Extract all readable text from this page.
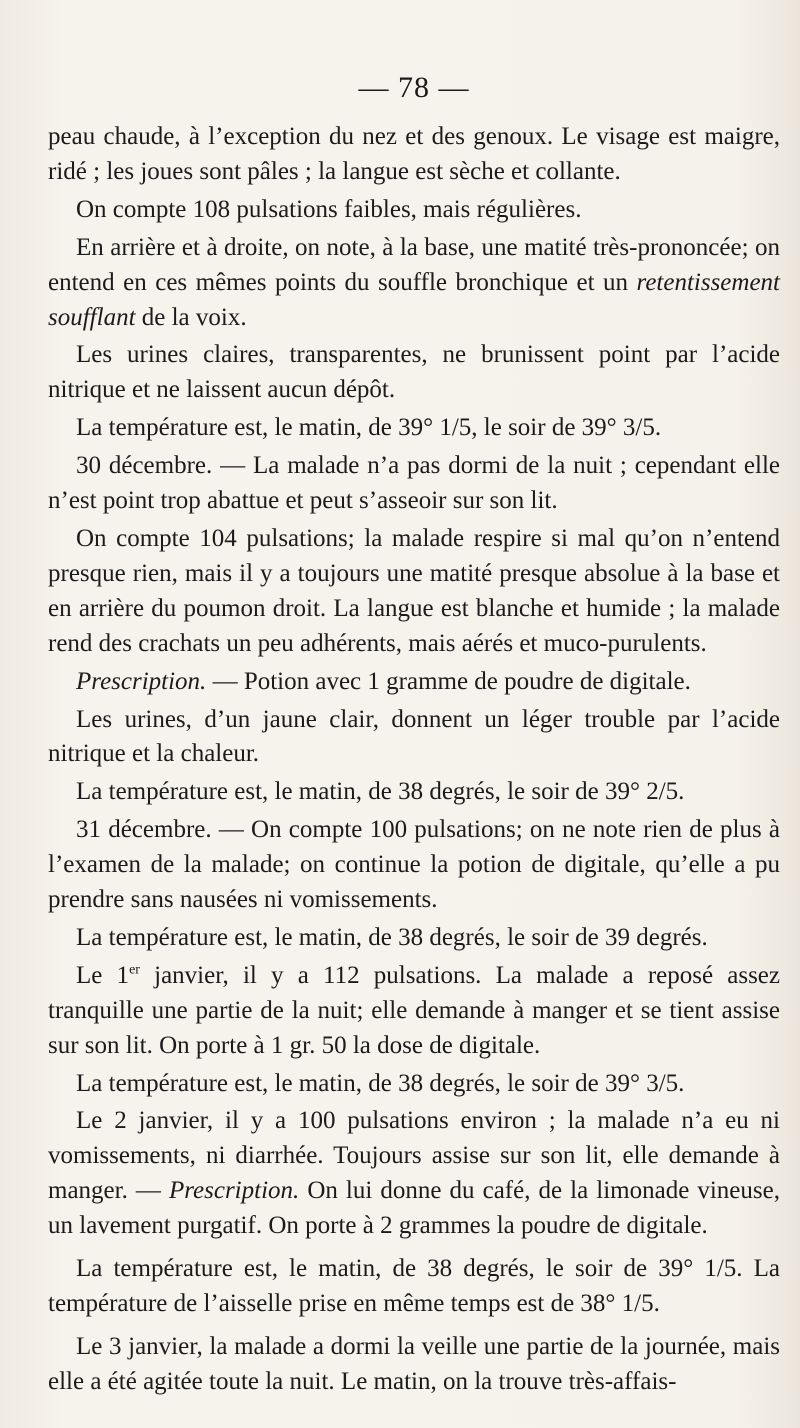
— 78 —

peau chaude, à l’exception du nez et des genoux. Le visage est maigre, ridé ; les joues sont pâles ; la langue est sèche et collante.

On compte 108 pulsations faibles, mais régulières.

En arrière et à droite, on note, à la base, une matité très-prononcée; on entend en ces mêmes points du souffle bronchique et un retentissement soufflant de la voix.

Les urines claires, transparentes, ne brunissent point par l’acide nitrique et ne laissent aucun dépôt.

La température est, le matin, de 39° 1/5, le soir de 39° 3/5.

30 décembre. — La malade n’a pas dormi de la nuit ; cependant elle n’est point trop abattue et peut s’asseoir sur son lit.

On compte 104 pulsations; la malade respire si mal qu’on n’entend presque rien, mais il y a toujours une matité presque absolue à la base et en arrière du poumon droit. La langue est blanche et humide ; la malade rend des crachats un peu adhérents, mais aérés et muco-purulents.

Prescription. — Potion avec 1 gramme de poudre de digitale.

Les urines, d’un jaune clair, donnent un léger trouble par l’acide nitrique et la chaleur.

La température est, le matin, de 38 degrés, le soir de 39° 2/5.

31 décembre. — On compte 100 pulsations; on ne note rien de plus à l’examen de la malade; on continue la potion de digitale, qu’elle a pu prendre sans nausées ni vomissements.

La température est, le matin, de 38 degrés, le soir de 39 degrés.

Le 1er janvier, il y a 112 pulsations. La malade a reposé assez tranquille une partie de la nuit; elle demande à manger et se tient assise sur son lit. On porte à 1 gr. 50 la dose de digitale.

La température est, le matin, de 38 degrés, le soir de 39° 3/5.

Le 2 janvier, il y a 100 pulsations environ ; la malade n’a eu ni vomissements, ni diarrhée. Toujours assise sur son lit, elle demande à manger. — Prescription. On lui donne du café, de la limonade vineuse, un lavement purgatif. On porte à 2 grammes la poudre de digitale.

La température est, le matin, de 38 degrés, le soir de 39° 1/5. La température de l’aisselle prise en même temps est de 38° 1/5.

Le 3 janvier, la malade a dormi la veille une partie de la journée, mais elle a été agitée toute la nuit. Le matin, on la trouve très-affais-
